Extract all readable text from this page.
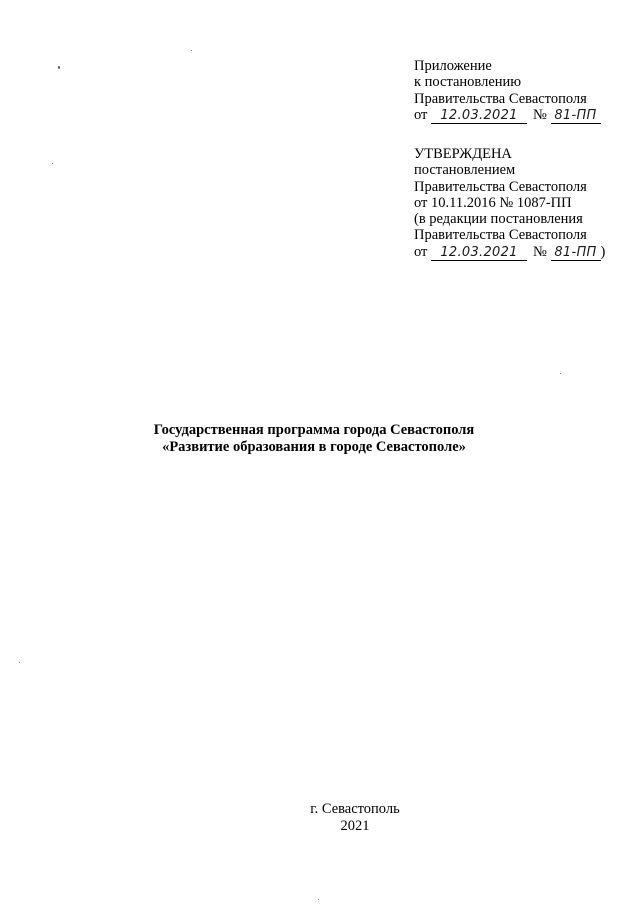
Приложение
к постановлению
Правительства Севастополя
от 12.03.2021 № 81-ПП
УТВЕРЖДЕНА
постановлением
Правительства Севастополя
от 10.11.2016 № 1087-ПП
(в редакции постановления
Правительства Севастополя
от 12.03.2021 № 81-ПП )
Государственная программа города Севастополя
«Развитие образования в городе Севастополе»
г. Севастополь
2021
